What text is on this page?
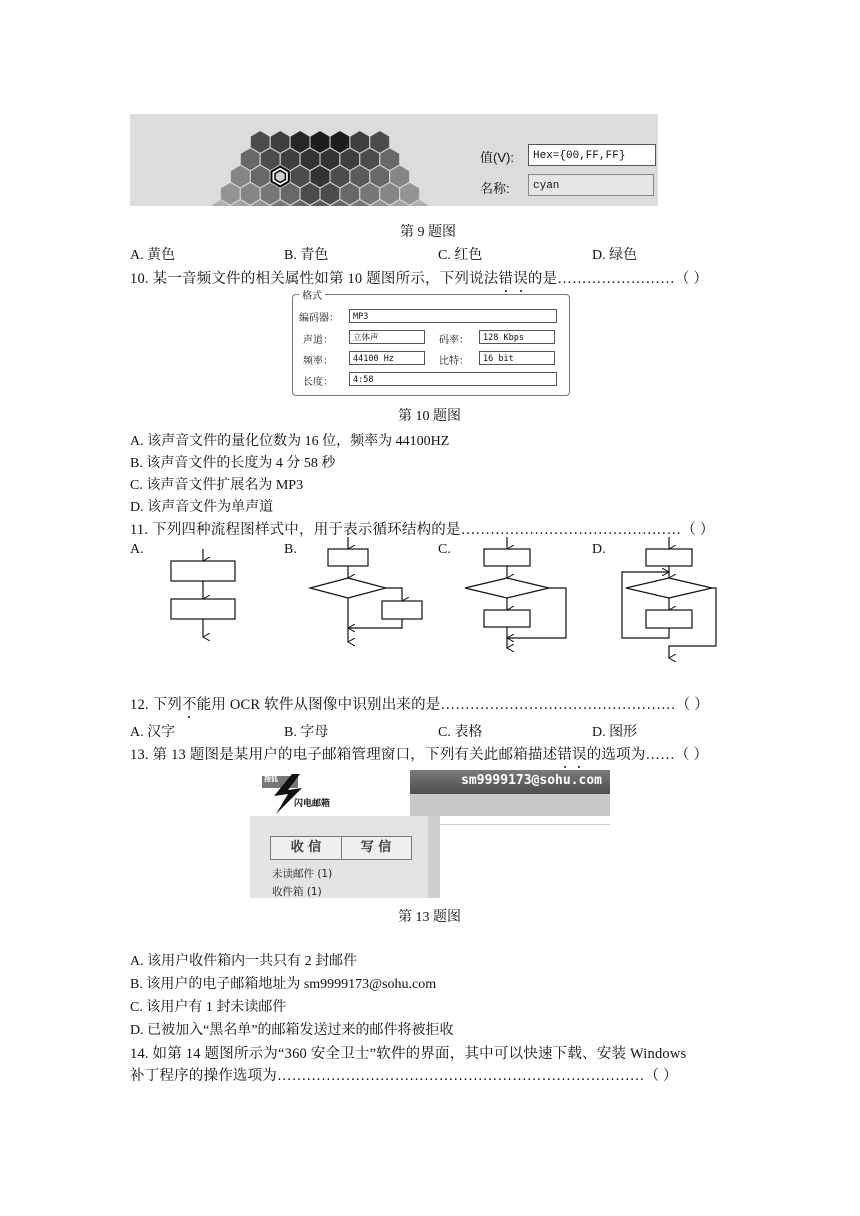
值(V):	Hex={00,FF,FF}
名称:	cyan
第 9 题图
A. 黄色	B. 青色	C. 红色	D. 绿色
10. 某一音频文件的相关属性如第 10 题图所示，下列说法错误的是……………………（ ）
格式
编码器：	MP3
声道：	立体声	码率：	128 Kbps
频率：	44100 Hz	比特：	16 bit
长度：	4:58
第 10 题图
A. 该声音文件的量化位数为 16 位，频率为 44100HZ
B. 该声音文件的长度为 4 分 58 秒
C. 该声音文件扩展名为 MP3
D. 该声音文件为单声道
11. 下列四种流程图样式中，用于表示循环结构的是………………………………………（ ）
A.	B.	C.	D.
12. 下列不能用 OCR 软件从图像中识别出来的是…………………………………………（ ）
A. 汉字	B. 字母	C. 表格	D. 图形
13. 第 13 题图是某用户的电子邮箱管理窗口，下列有关此邮箱描述错误的选项为……（ ）
sm9999173@sohu.com
搜狐
闪电邮箱
收 信	写 信
未读邮件 (1)
收件箱 (1)
第 13 题图
A. 该用户收件箱内一共只有 2 封邮件
B. 该用户的电子邮箱地址为 sm9999173@sohu.com
C. 该用户有 1 封未读邮件
D. 已被加入“黑名单”的邮箱发送过来的邮件将被拒收
14. 如第 14 题图所示为“360 安全卫士”软件的界面，其中可以快速下载、安装 Windows
补丁程序的操作选项为…………………………………………………………………（ ）
